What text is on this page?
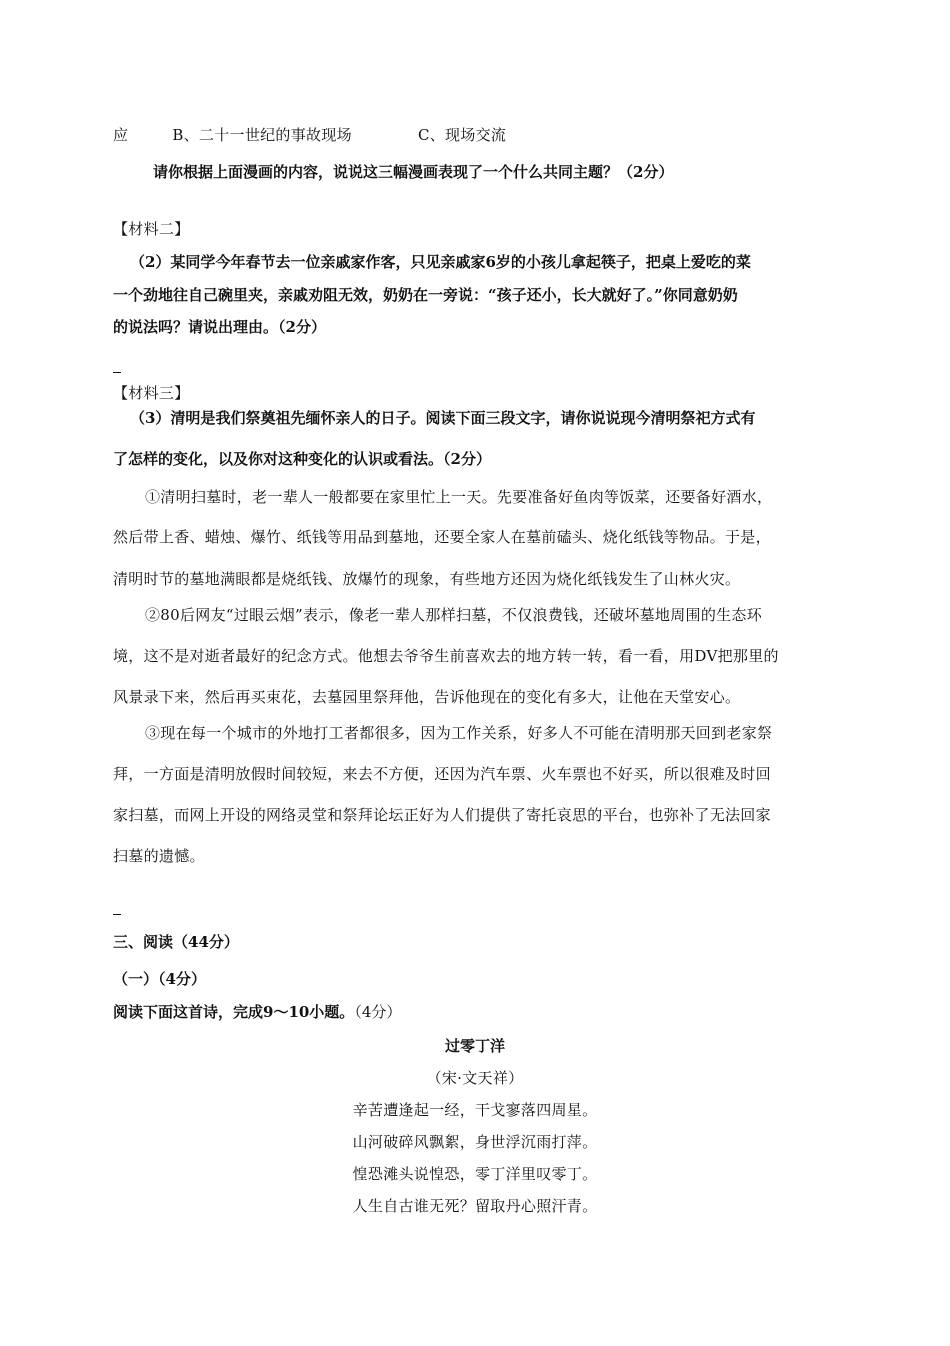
应	B、二十一世纪的事故现场	C、现场交流
请你根据上面漫画的内容，说说这三幅漫画表现了一个什么共同主题？（2分）
【材料二】
（2）某同学今年春节去一位亲戚家作客，只见亲戚家6岁的小孩儿拿起筷子，把桌上爱吃的菜
一个劲地往自己碗里夹，亲戚劝阻无效，奶奶在一旁说：“孩子还小，长大就好了。”你同意奶奶
的说法吗？请说出理由。（2分）
【材料三】
（3）清明是我们祭奠祖先缅怀亲人的日子。阅读下面三段文字，请你说说现今清明祭祀方式有
了怎样的变化，以及你对这种变化的认识或看法。（2分）
①清明扫墓时，老一辈人一般都要在家里忙上一天。先要准备好鱼肉等饭菜，还要备好酒水，
然后带上香、蜡烛、爆竹、纸钱等用品到墓地，还要全家人在墓前磕头、烧化纸钱等物品。于是，
清明时节的墓地满眼都是烧纸钱、放爆竹的现象，有些地方还因为烧化纸钱发生了山林火灾。
②80后网友“过眼云烟”表示，像老一辈人那样扫墓，不仅浪费钱，还破坏墓地周围的生态环
境，这不是对逝者最好的纪念方式。他想去爷爷生前喜欢去的地方转一转，看一看，用DV把那里的
风景录下来，然后再买束花，去墓园里祭拜他，告诉他现在的变化有多大，让他在天堂安心。
③现在每一个城市的外地打工者都很多，因为工作关系，好多人不可能在清明那天回到老家祭
拜，一方面是清明放假时间较短，来去不方便，还因为汽车票、火车票也不好买，所以很难及时回
家扫墓，而网上开设的网络灵堂和祭拜论坛正好为人们提供了寄托哀思的平台，也弥补了无法回家
扫墓的遗憾。
三、阅读（44分）
（一）（4分）
阅读下面这首诗，完成9～10小题。（4分）
过零丁洋
（宋·文天祥）
辛苦遭逢起一经，干戈寥落四周星。
山河破碎风飘絮，身世浮沉雨打萍。
惶恐滩头说惶恐，零丁洋里叹零丁。
人生自古谁无死？留取丹心照汗青。
